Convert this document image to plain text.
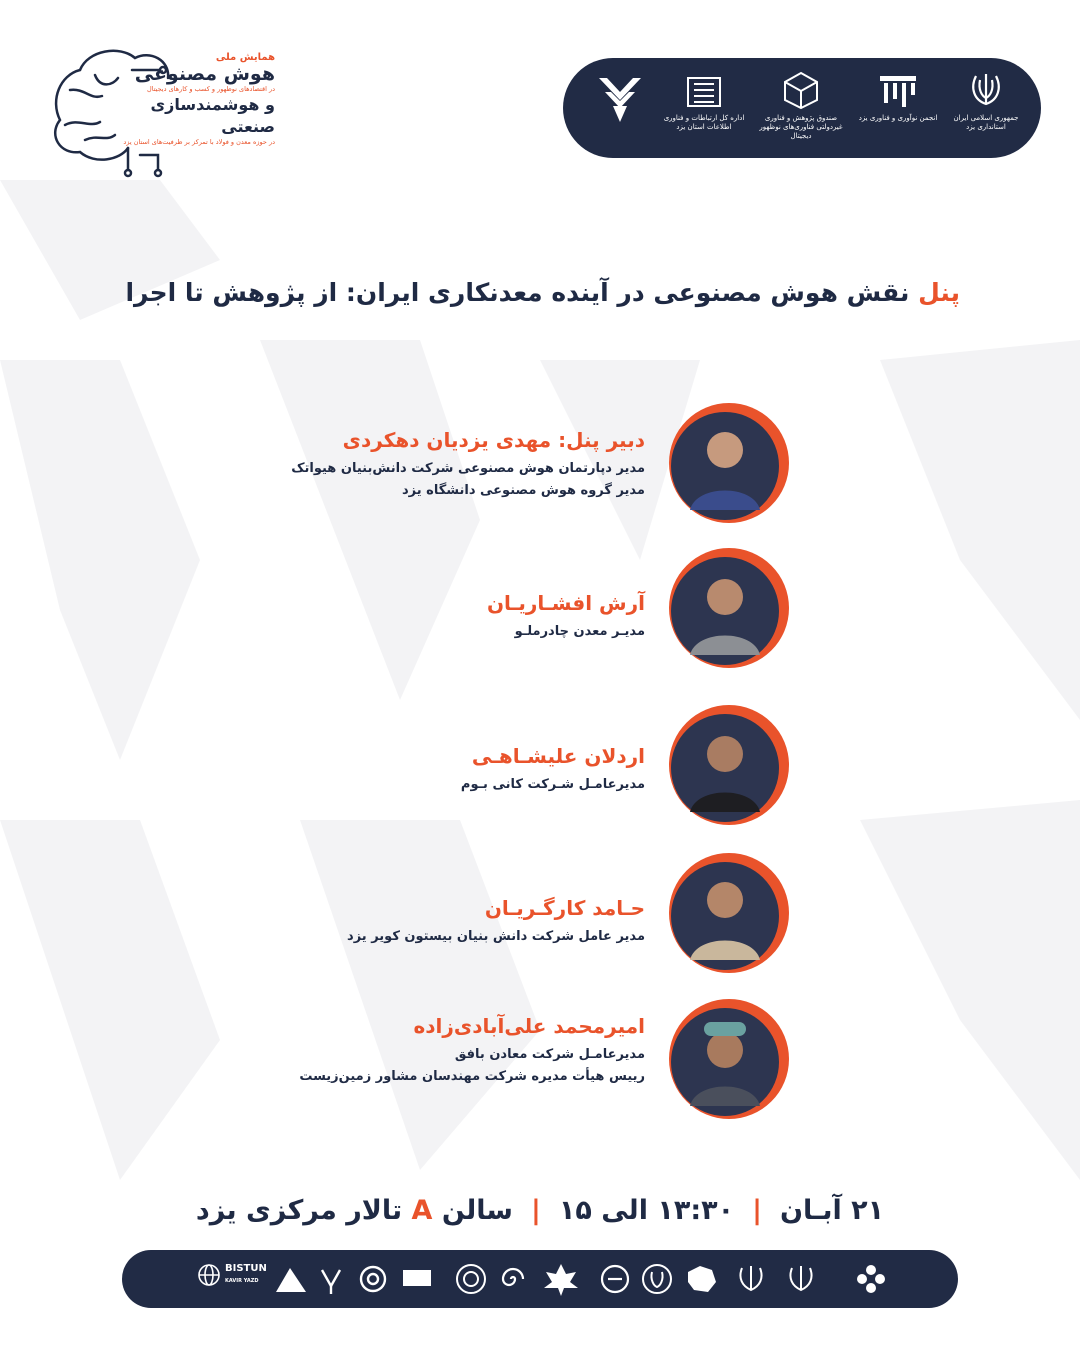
همایش ملی
هوش مصنوعی
در اقتصادهای نوظهور و کسب و کارهای دیجیتال
و هوشمندسازی صنعتی
در حوزه معدن و فولاد با تمرکز بر ظرفیت‌های استان یزد
جمهوری اسلامی ایران استانداری یزد
انجمن نوآوری و فناوری یزد
صندوق پژوهش و فناوری غیردولتی فناوری‌های نوظهور دیجیتال
اداره کل ارتباطات و فناوری اطلاعات استان یزد
پنل نقش هوش مصنوعی در آینده معدنکاری ایران: از پژوهش تا اجرا
دبیر پنل: مهدی یزدیان دهکردی
مدیر دپارتمان هوش مصنوعی شرکت دانش‌بنیان هیواتک
مدیر گروه هوش مصنوعی دانشگاه یزد
آرش افشـاریـان
مدیـر معدن چادرملـو
اردلان علیشـاهـی
مدیرعامـل شـرکت کانی بـوم
حـامد کارگـریـان
مدیر عامل شرکت دانش بنیان بیستون کویر یزد
امیرمحمد علی‌آبادی‌زاده
مدیرعامـل شرکت معادن بافق
رییس هیأت مدیره شرکت مهندسان مشاور زمین‌زیست
۲۱ آبـان|۱۳:۳۰ الی ۱۵|سالن A تالار مرکزی یزد
BISTUN
KAVIR YAZD
